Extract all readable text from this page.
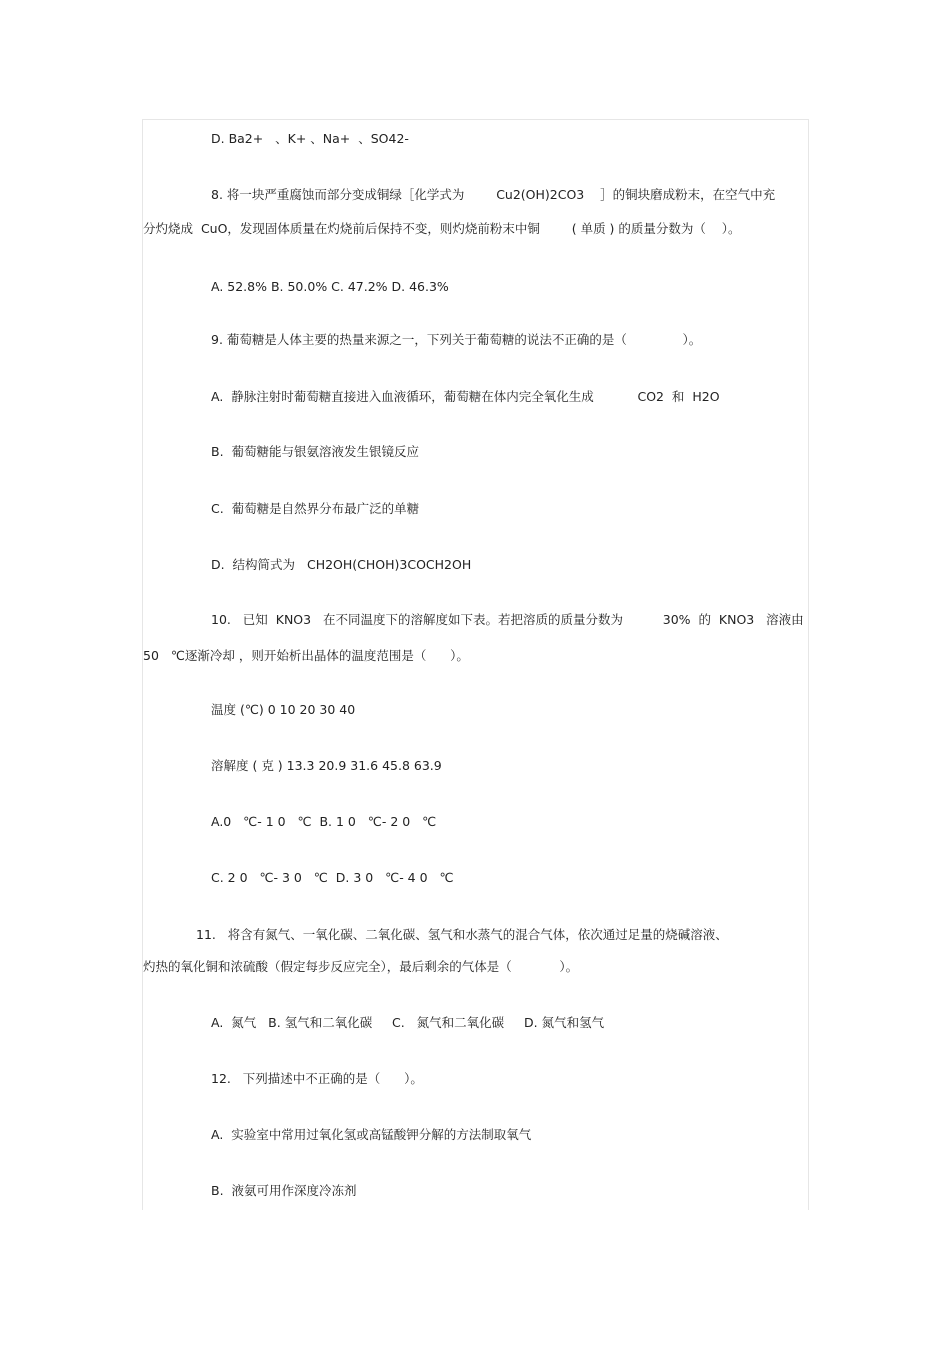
D. Ba2+   、K+ 、Na+  、SO42-
8. 将一块严重腐蚀而部分变成铜绿［化学式为        Cu2(OH)2CO3    ］的铜块磨成粉末，在空气中充
分灼烧成  CuO，发现固体质量在灼烧前后保持不变，则灼烧前粉末中铜        ( 单质 ) 的质量分数为（    ）。
A. 52.8% B. 50.0% C. 47.2% D. 46.3%
9. 葡萄糖是人体主要的热量来源之一，下列关于葡萄糖的说法不正确的是（              ）。
A.  静脉注射时葡萄糖直接进入血液循环，葡萄糖在体内完全氧化生成           CO2  和  H2O
B.  葡萄糖能与银氨溶液发生银镜反应
C.  葡萄糖是自然界分布最广泛的单糖
D.  结构简式为   CH2OH(CHOH)3COCH2OH
10.   已知  KNO3   在不同温度下的溶解度如下表。若把溶质的质量分数为          30%  的  KNO3   溶液由
50   ℃逐渐冷却 ，则开始析出晶体的温度范围是（      ）。
温度 (℃) 0 10 20 30 40
溶解度 ( 克 ) 13.3 20.9 31.6 45.8 63.9
A.0   ℃- 1 0   ℃  B. 1 0   ℃- 2 0   ℃
C. 2 0   ℃- 3 0   ℃  D. 3 0   ℃- 4 0   ℃
11.   将含有氮气、一氧化碳、二氧化碳、氢气和水蒸气的混合气体，依次通过足量的烧碱溶液、
灼热的氧化铜和浓硫酸（假定每步反应完全），最后剩余的气体是（            ）。
A.  氮气   B. 氢气和二氧化碳     C.   氮气和二氧化碳     D. 氮气和氢气
12.   下列描述中不正确的是（      ）。
A.  实验室中常用过氧化氢或高锰酸钾分解的方法制取氧气
B.  液氨可用作深度冷冻剂
